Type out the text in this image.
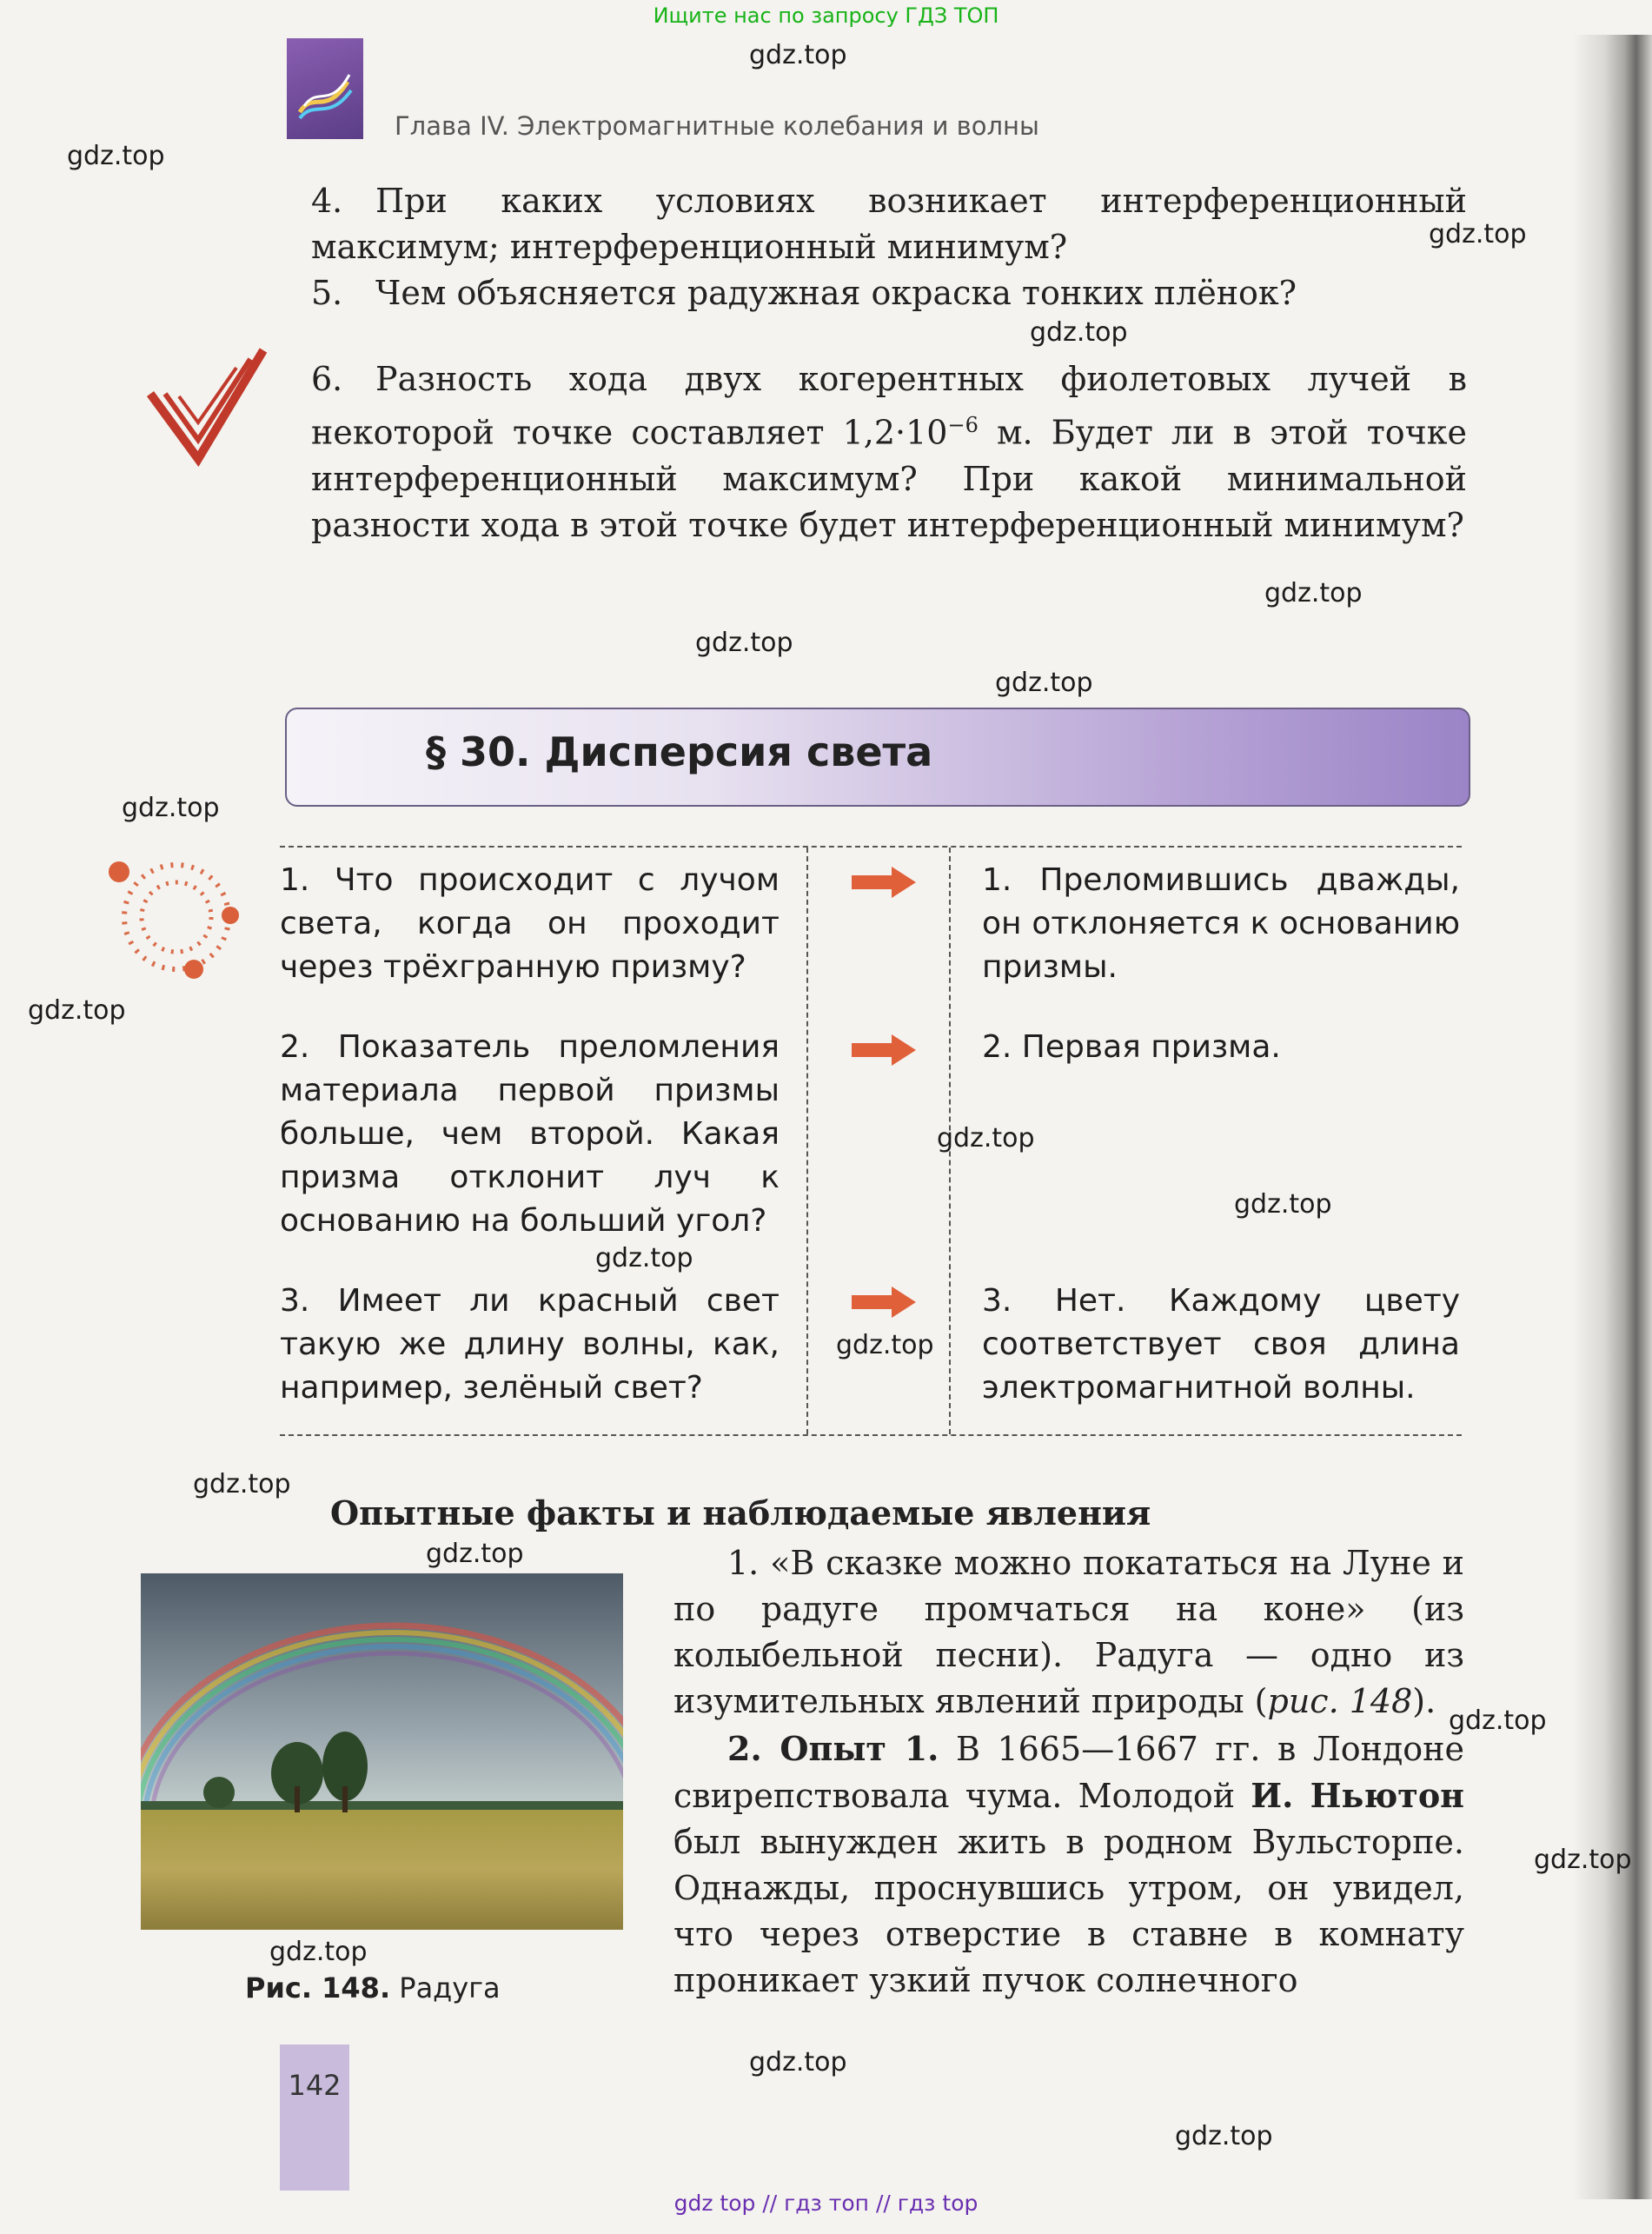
Ищите нас по запросу ГДЗ ТОП
Глава IV. Электромагнитные колебания и волны
4. При каких условиях возникает интерференционный максимум; интерференционный минимум?
5. Чем объясняется радужная окраска тонких плёнок?
6. Разность хода двух когерентных фиолетовых лучей в некоторой точке составляет $1,2\cdot 10^{-6}$ м. Будет ли в этой точке интерференционный максимум? При какой минимальной разности хода в этой точке будет интерференционный минимум?
§ 30. Дисперсия света
1. Что происходит с лучом света, когда он проходит через трёхгранную призму?
1. Преломившись дважды, он отклоняется к основанию призмы.
2. Показатель преломления материала первой призмы больше, чем второй. Какая призма отклонит луч к основанию на больший угол?
2. Первая призма.
3. Имеет ли красный свет такую же длину волны, как, например, зелёный свет?
3. Нет. Каждому цвету соответствует своя длина электромагнитной волны.
Опытные факты и наблюдаемые явления
1. «В сказке можно покататься на Луне и по радуге промчаться на коне» (из колыбельной песни). Радуга — одно из изумительных явлений природы (рис. 148).
2. Опыт 1. В 1665—1667 гг. в Лондоне свирепствовала чума. Молодой И. Ньютон был вынужден жить в родном Вульсторпе. Однажды, проснувшись утром, он увидел, что через отверстие в ставне в комнату проникает узкий пучок солнечного
Рис. 148. Радуга
142
gdz.top
gdz.top
gdz.top
gdz.top
gdz.top
gdz.top
gdz.top
gdz.top
gdz.top
gdz.top
gdz.top
gdz.top
gdz.top
gdz.top
gdz.top
gdz.top
gdz.top
gdz.top
gdz.top
gdz.top
gdz top // гдз топ // гдз top
